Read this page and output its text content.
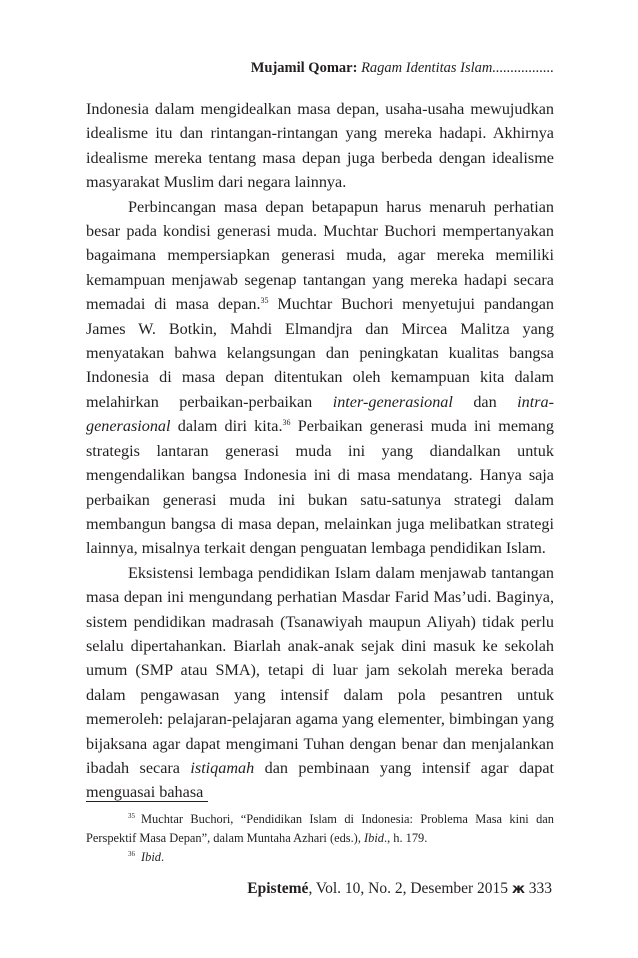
Mujamil Qomar: Ragam Identitas Islam.................

Indonesia dalam mengidealkan masa depan, usaha-usaha mewujudkan idealisme itu dan rintangan-rintangan yang mereka hadapi. Akhirnya idealisme mereka tentang masa depan juga berbeda dengan idealisme masyarakat Muslim dari negara lainnya.

Perbincangan masa depan betapapun harus menaruh perhatian besar pada kondisi generasi muda. Muchtar Buchori mempertanyakan bagaimana mempersiapkan generasi muda, agar mereka memiliki kemampuan menjawab segenap tantangan yang mereka hadapi secara memadai di masa depan.$^{35}$ Muchtar Buchori menyetujui pandangan James W. Botkin, Mahdi Elmandjra dan Mircea Malitza yang menyatakan bahwa kelangsungan dan peningkatan kualitas bangsa Indonesia di masa depan ditentukan oleh kemampuan kita dalam melahirkan perbaikan-perbaikan inter-generasional dan intra-generasional dalam diri kita.$^{36}$ Perbaikan generasi muda ini memang strategis lantaran generasi muda ini yang diandalkan untuk mengendalikan bangsa Indonesia ini di masa mendatang. Hanya saja perbaikan generasi muda ini bukan satu-satunya strategi dalam membangun bangsa di masa depan, melainkan juga melibatkan strategi lainnya, misalnya terkait dengan penguatan lembaga pendidikan Islam.

Eksistensi lembaga pendidikan Islam dalam menjawab tantangan masa depan ini mengundang perhatian Masdar Farid Mas’udi. Baginya, sistem pendidikan madrasah (Tsanawiyah maupun Aliyah) tidak perlu selalu dipertahankan. Biarlah anak-anak sejak dini masuk ke sekolah umum (SMP atau SMA), tetapi di luar jam sekolah mereka berada dalam pengawasan yang intensif dalam pola pesantren untuk memeroleh: pelajaran-pelajaran agama yang elementer, bimbingan yang bijaksana agar dapat mengimani Tuhan dengan benar dan menjalankan ibadah secara istiqamah dan pembinaan yang intensif agar dapat menguasai bahasa

$^{35}$ Muchtar Buchori, “Pendidikan Islam di Indonesia: Problema Masa kini dan Perspektif Masa Depan”, dalam Muntaha Azhari (eds.), Ibid., h. 179.

$^{36}$ Ibid.

Epistemé, Vol. 10, No. 2, Desember 2015 ж 333
